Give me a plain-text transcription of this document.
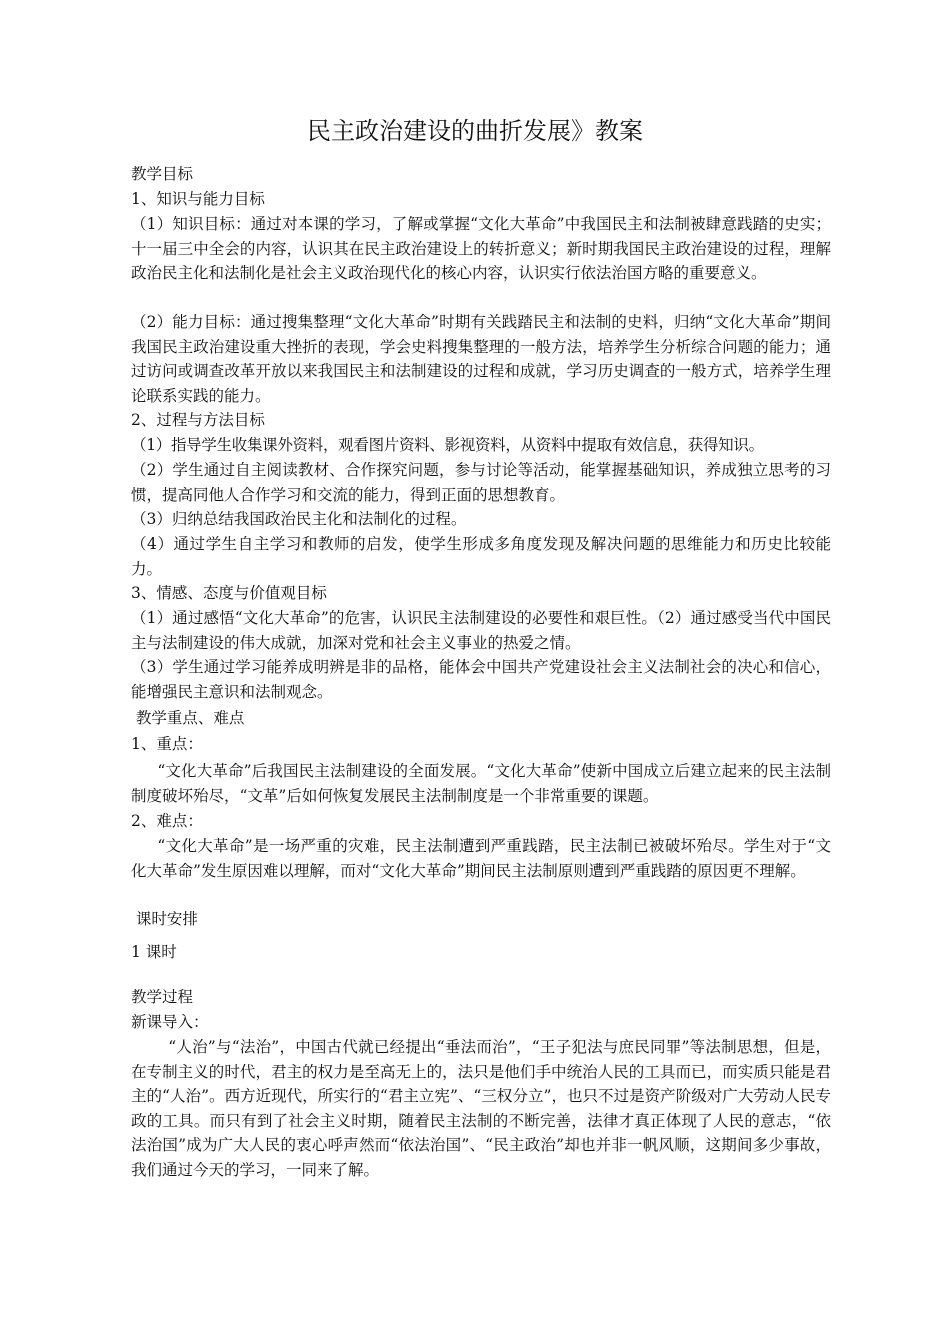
民主政治建设的曲折发展》教案

教学目标

1、知识与能力目标

（1）知识目标：通过对本课的学习，了解或掌握“文化大革命”中我国民主和法制被肆意践踏的史实；十一届三中全会的内容，认识其在民主政治建设上的转折意义；新时期我国民主政治建设的过程，理解政治民主化和法制化是社会主义政治现代化的核心内容，认识实行依法治国方略的重要意义。

（2）能力目标：通过搜集整理“文化大革命”时期有关践踏民主和法制的史料，归纳“文化大革命”期间我国民主政治建设重大挫折的表现，学会史料搜集整理的一般方法，培养学生分析综合问题的能力；通过访问或调查改革开放以来我国民主和法制建设的过程和成就，学习历史调查的一般方式，培养学生理论联系实践的能力。

2、过程与方法目标

（1）指导学生收集课外资料，观看图片资料、影视资料，从资料中提取有效信息，获得知识。

（2）学生通过自主阅读教材、合作探究问题，参与讨论等活动，能掌握基础知识，养成独立思考的习惯，提高同他人合作学习和交流的能力，得到正面的思想教育。

（3）归纳总结我国政治民主化和法制化的过程。

（4）通过学生自主学习和教师的启发，使学生形成多角度发现及解决问题的思维能力和历史比较能力。

3、情感、态度与价值观目标

（1）通过感悟“文化大革命”的危害，认识民主法制建设的必要性和艰巨性。（2）通过感受当代中国民主与法制建设的伟大成就，加深对党和社会主义事业的热爱之情。

（3）学生通过学习能养成明辨是非的品格，能体会中国共产党建设社会主义法制社会的决心和信心，能增强民主意识和法制观念。

教学重点、难点

1、重点：

“文化大革命”后我国民主法制建设的全面发展。“文化大革命”使新中国成立后建立起来的民主法制制度破坏殆尽，“文革”后如何恢复发展民主法制制度是一个非常重要的课题。

2、难点：

“文化大革命”是一场严重的灾难，民主法制遭到严重践踏，民主法制已被破坏殆尽。学生对于“文化大革命”发生原因难以理解，而对“文化大革命”期间民主法制原则遭到严重践踏的原因更不理解。

课时安排

1 课时

教学过程

新课导入：

“人治”与“法治”，中国古代就已经提出“垂法而治”，“王子犯法与庶民同罪”等法制思想，但是，在专制主义的时代，君主的权力是至高无上的，法只是他们手中统治人民的工具而已，而实质只能是君主的“人治”。西方近现代，所实行的“君主立宪”、“三权分立”，也只不过是资产阶级对广大劳动人民专政的工具。而只有到了社会主义时期，随着民主法制的不断完善，法律才真正体现了人民的意志，“依法治国”成为广大人民的衷心呼声然而“依法治国”、“民主政治”却也并非一帆风顺，这期间多少事故，我们通过今天的学习，一同来了解。
